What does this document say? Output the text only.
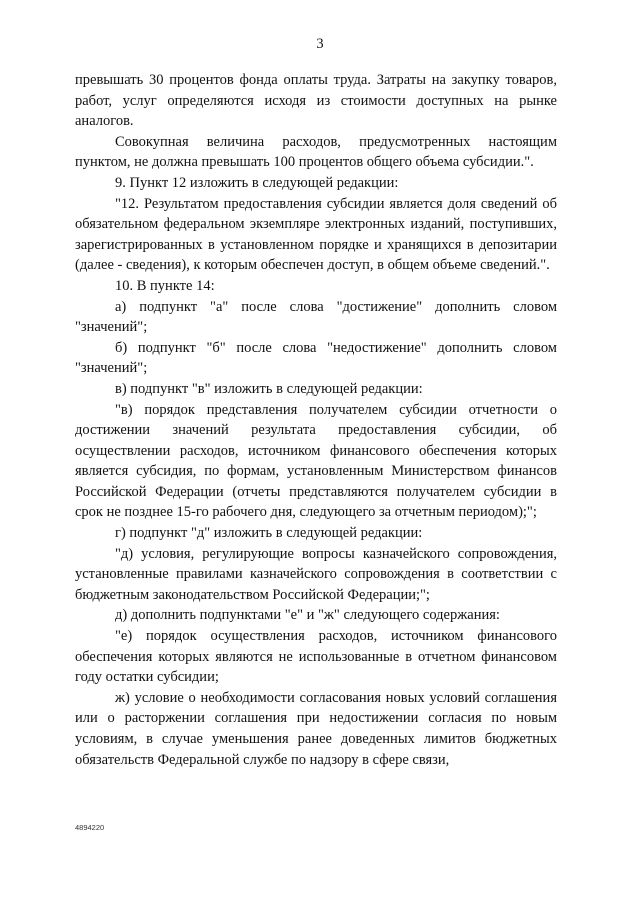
3

превышать 30 процентов фонда оплаты труда. Затраты на закупку товаров, работ, услуг определяются исходя из стоимости доступных на рынке аналогов.

Совокупная величина расходов, предусмотренных настоящим пунктом, не должна превышать 100 процентов общего объема субсидии.".

9. Пункт 12 изложить в следующей редакции:

"12. Результатом предоставления субсидии является доля сведений об обязательном федеральном экземпляре электронных изданий, поступивших, зарегистрированных в установленном порядке и хранящихся в депозитарии (далее - сведения), к которым обеспечен доступ, в общем объеме сведений.".

10. В пункте 14:

а) подпункт "а" после слова "достижение" дополнить словом "значений";

б) подпункт "б" после слова "недостижение" дополнить словом "значений";

в) подпункт "в" изложить в следующей редакции:

"в) порядок представления получателем субсидии отчетности о достижении значений результата предоставления субсидии, об осуществлении расходов, источником финансового обеспечения которых является субсидия, по формам, установленным Министерством финансов Российской Федерации (отчеты представляются получателем субсидии в срок не позднее 15-го рабочего дня, следующего за отчетным периодом);";

г) подпункт "д" изложить в следующей редакции:

"д) условия, регулирующие вопросы казначейского сопровождения, установленные правилами казначейского сопровождения в соответствии с бюджетным законодательством Российской Федерации;";

д) дополнить подпунктами "е" и "ж" следующего содержания:

"е) порядок осуществления расходов, источником финансового обеспечения которых являются не использованные в отчетном финансовом году остатки субсидии;

ж) условие о необходимости согласования новых условий соглашения или о расторжении соглашения при недостижении согласия по новым условиям, в случае уменьшения ранее доведенных лимитов бюджетных обязательств Федеральной службе по надзору в сфере связи,

4894220
